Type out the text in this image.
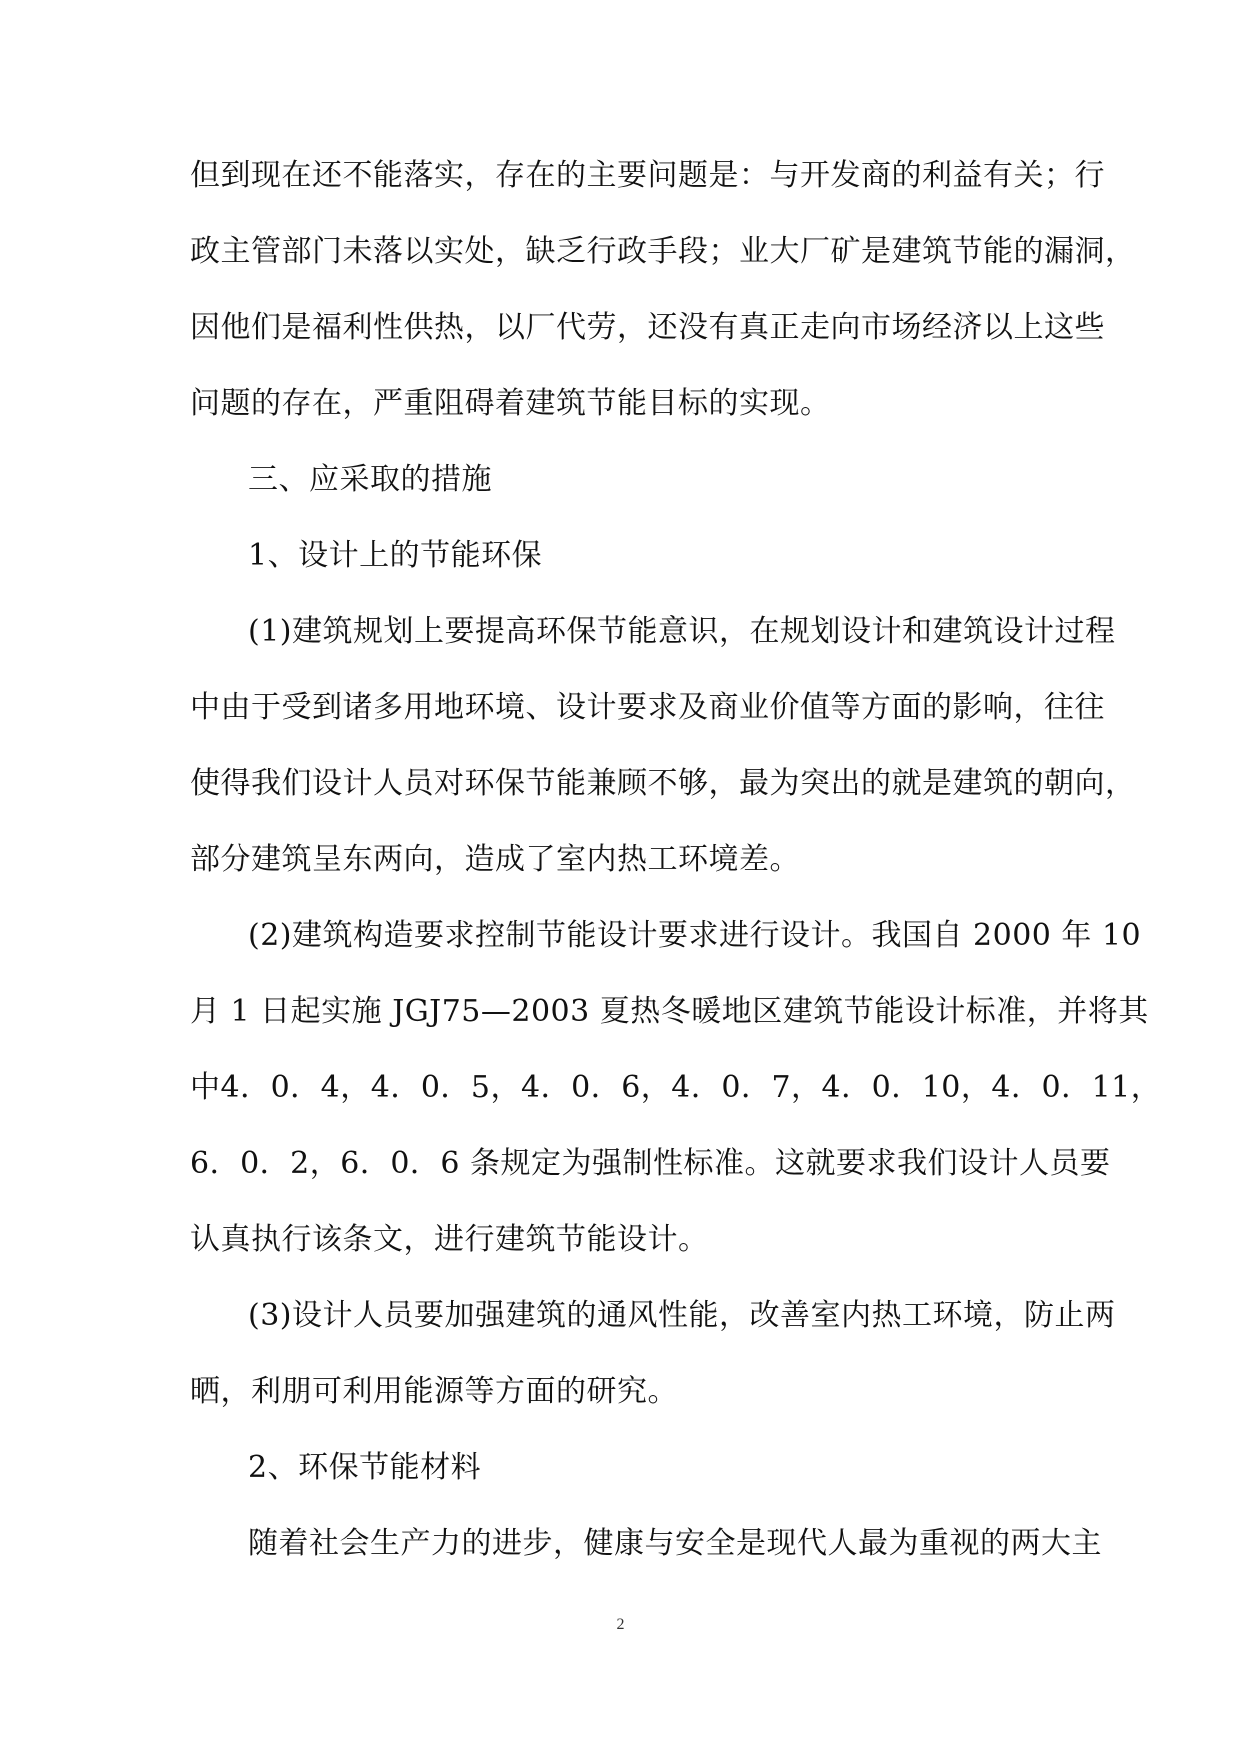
但到现在还不能落实，存在的主要问题是：与开发商的利益有关；行
政主管部门未落以实处，缺乏行政手段；业大厂矿是建筑节能的漏洞，
因他们是福利性供热，以厂代劳，还没有真正走向市场经济以上这些
问题的存在，严重阻碍着建筑节能目标的实现。
三、应采取的措施
1、设计上的节能环保
(1)建筑规划上要提高环保节能意识，在规划设计和建筑设计过程
中由于受到诸多用地环境、设计要求及商业价值等方面的影响，往往
使得我们设计人员对环保节能兼顾不够，最为突出的就是建筑的朝向，
部分建筑呈东两向，造成了室内热工环境差。
(2)建筑构造要求控制节能设计要求进行设计。我国自 2000 年 10
月 1 日起实施 JGJ75—2003 夏热冬暖地区建筑节能设计标准，并将其
中4．0．4，4．0．5，4．0．6，4．0．7，4．0．10，4．0．11，
6．0．2，6．0．6 条规定为强制性标准。这就要求我们设计人员要
认真执行该条文，进行建筑节能设计。
(3)设计人员要加强建筑的通风性能，改善室内热工环境，防止两
晒，利朋可利用能源等方面的研究。
2、环保节能材料
随着社会生产力的进步，健康与安全是现代人最为重视的两大主
2
